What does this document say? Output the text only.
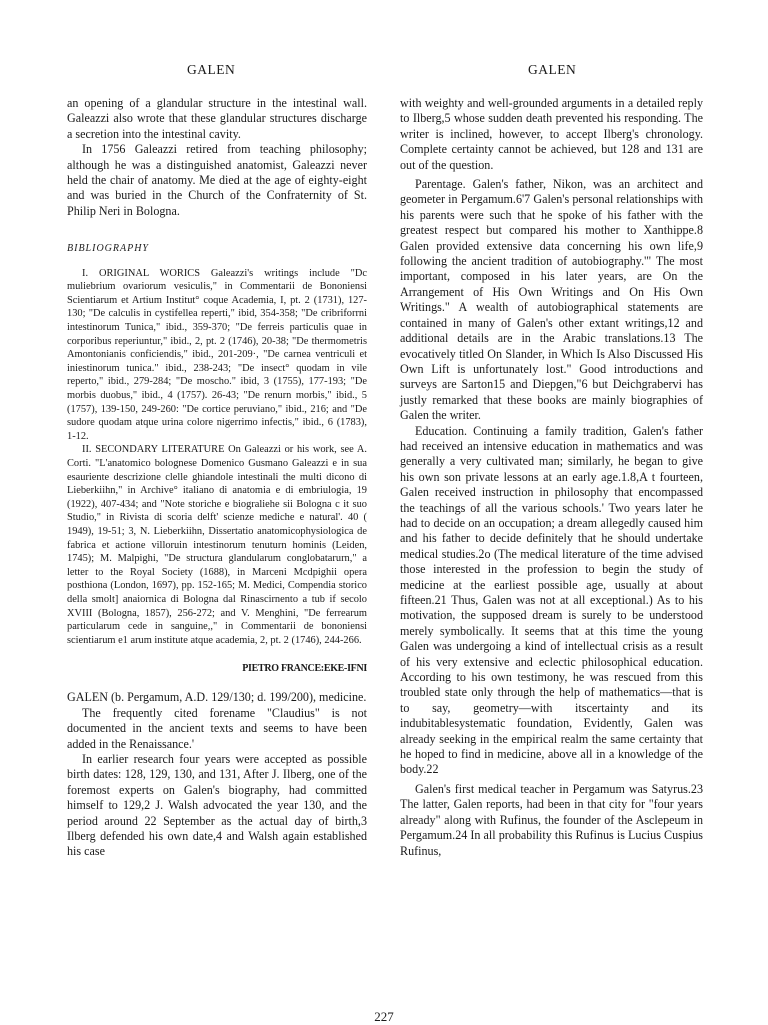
GALEN	GALEN

an opening of a glandular structure in the intestinal wall. Galeazzi also wrote that these glandular structures discharge a secretion into the intestinal cavity.

In 1756 Galeazzi retired from teaching philosophy; although he was a distinguished anatomist, Galeazzi never held the chair of anatomy. Me died at the age of eighty-eight and was buried in the Church of the Confraternity of St. Philip Neri in Bologna.

BIBLIOGRAPHY

I. ORIGINAL WORICS Galeazzi's writings include "Dc muliebrium ovariorum vesiculis," in Commentarii de Bononiensi Scientiarum et Artium Institut° coque Academia, I, pt. 2 (1731), 127-130; "De calculis in cystifellea reperti," ibid, 354-358; "De cribriforrni intestinorum Tunica," ibid., 359-370; "De ferreis particulis quae in corporibus reperiuntur," ibid., 2, pt. 2 (1746), 20-38; "De thermometris Amontonianis conficiendis," ibid., 201-209·, "De carnea ventriculi et iniestinorum tunica." ibid., 238-243; "De insect° quodam in vile reperto," ibid., 279-284; "De moscho." ibid, 3 (1755), 177-193; "De morbis duobus," ibid., 4 (1757). 26-43; "De renurn morbis," ibid., 5 (1757), 139-150, 249-260: "De cortice peruviano," ibid., 216; and "De sudore quodam atque urina colore nigerrimo infectis," ibid., 6 (1783), 1-12.

II. SECONDARY LITERATURE On Galeazzi or his work, see A. Corti. "L'anatomico bolognese Domenico Gusmano Galeazzi e in sua esauriente descrizione clelle ghiandole intestinali the multi dicono di Lieberkiihn," in Archive° italiano di anatomia e di embriulogia, 19 (1922), 407-434; and "Note storiche e biograliehe sii Bologna c it suo Studio," in Rivista di scoria delft' scienze mediche e natural'. 40 ( 1949), 19-51; 3, N. Lieberkiihn, Dissertatio anatomicophysiologica de fabrica et actione villoruin intestinorum tenuturn hominis (Leiden, 1745); M. Malpighi, "De structura glandularum conglobatarurn," a letter to the Royal Society (1688), in Marceni Mcdpighii opera posthiona (London, 1697), pp. 152-165; M. Medici, Compendia storico della smolt] anaiornica di Bologna dal Rinascirnento a tub if secolo XVIII (Bologna, 1857), 256-272; and V. Menghini, "De ferrearum particularum cede in sanguine,," in Commentarii de bononiensi scientiarum e1 arum institute atque academia, 2, pt. 2 (1746), 244-266.

PIETRO FRANCE:EKE-IFNI

GALEN (b. Pergamum, A.D. 129/130; d. 199/200), medicine.

The frequently cited forename "Claudius" is not documented in the ancient texts and seems to have been added in the Renaissance.'

In earlier research four years were accepted as possible birth dates: 128, 129, 130, and 131, After J. Ilberg, one of the foremost experts on Galen's biography, had committed himself to 129,2 J. Walsh advocated the year 130, and the period around 22 September as the actual day of birth,3 Ilberg defended his own date,4 and Walsh again established his case

with weighty and well-grounded arguments in a detailed reply to Ilberg,5 whose sudden death prevented his responding. The writer is inclined, however, to accept Ilberg's chronology. Complete certainty cannot be achieved, but 128 and 131 are out of the question.

Parentage. Galen's father, Nikon, was an architect and geometer in Pergamum.6'7 Galen's personal relationships with his parents were such that he spoke of his father with the greatest respect but compared his mother to Xanthippe.8 Galen provided extensive data concerning his own life,9 following the ancient tradition of autobiography.'" The most important, composed in his later years, are On the Arrangement of His Own Writings and On His Own Writings." A wealth of autobiographical statements are contained in many of Galen's other extant writings,12 and additional details are in the Arabic translations.13 The evocatively titled On Slander, in Which Is Also Discussed His Own Lift is unfortunately lost." Good introductions and surveys are Sarton15 and Diepgen,"6 but Deichgrabervi has justly remarked that these books are mainly biographies of Galen the writer.

Education. Continuing a family tradition, Galen's father had received an intensive education in mathematics and was generally a very cultivated man; similarly, he began to give his own son private lessons at an early age.1.8,A t fourteen, Galen received instruction in philosophy that encompassed the teachings of all the various schools.' Two years later he had to decide on an occupation; a dream allegedly caused him and his father to decide definitely that he should undertake medical studies.2o (The medical literature of the time advised those interested in the profession to begin the study of medicine at the earliest possible age, usually at about fifteen.21 Thus, Galen was not at all exceptional.) As to his motivation, the supposed dream is surely to be understood merely symbolically. It seems that at this time the young Galen was undergoing a kind of intellectual crisis as a result of his very extensive and eclectic philosophical education. According to his own testimony, he was rescued from this troubled state only through the help of mathematics—that is to say, geometry—with itscertainty and its indubitablesystematic foundation, Evidently, Galen was already seeking in the empirical realm the same certainty that he hoped to find in medicine, above all in a knowledge of the body.22

Galen's first medical teacher in Pergamum was Satyrus.23 The latter, Galen reports, had been in that city for "four years already" along with Rufinus, the founder of the Asclepeum in Pergamum.24 In all probability this Rufinus is Lucius Cuspius Rufinus,

227
